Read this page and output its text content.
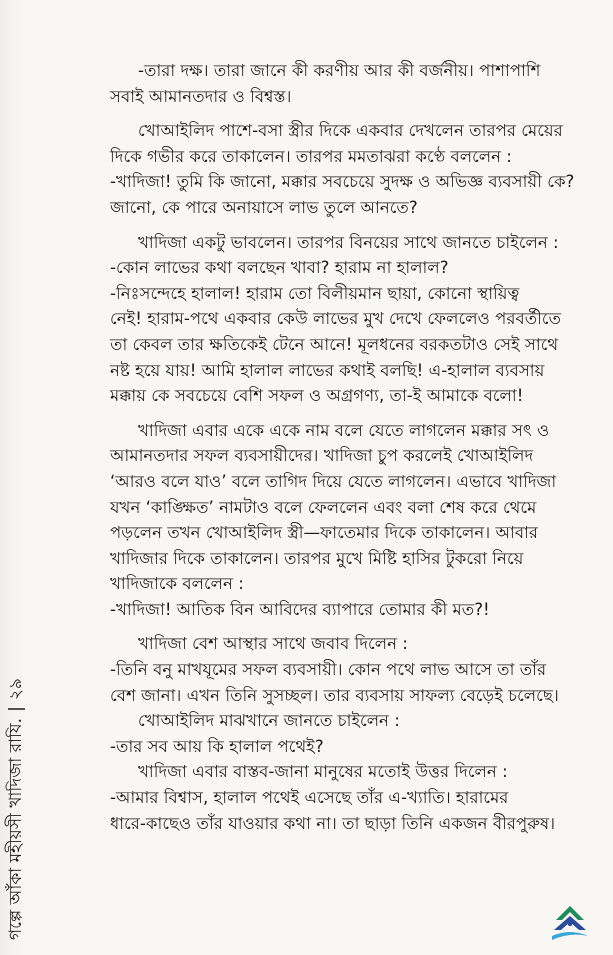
-তারা দক্ষ। তারা জানে কী করণীয় আর কী বর্জনীয়। পাশাপাশি
সবাই আমানতদার ও বিশ্বস্ত।

খোআইলিদ পাশে-বসা স্ত্রীর দিকে একবার দেখলেন তারপর মেয়ের
দিকে গভীর করে তাকালেন। তারপর মমতাঝরা কণ্ঠে বললেন :
-খাদিজা! তুমি কি জানো, মক্কার সবচেয়ে সুদক্ষ ও অভিজ্ঞ ব্যবসায়ী কে?
জানো, কে পারে অনায়াসে লাভ তুলে আনতে?

খাদিজা একটু ভাবলেন। তারপর বিনয়ের সাথে জানতে চাইলেন :
-কোন লাভের কথা বলছেন খাবা? হারাম না হালাল?
-নিঃসন্দেহে হালাল! হারাম তো বিলীয়মান ছায়া, কোনো স্থায়িত্ব
নেই! হারাম-পথে একবার কেউ লাভের মুখ দেখে ফেললেও পরবর্তীতে
তা কেবল তার ক্ষতিকেই টেনে আনে! মূলধনের বরকতটাও সেই সাথে
নষ্ট হয়ে যায়! আমি হালাল লাভের কথাই বলছি! এ-হালাল ব্যবসায়
মক্কায় কে সবচেয়ে বেশি সফল ও অগ্রগণ্য, তা-ই আমাকে বলো!

খাদিজা এবার একে একে নাম বলে যেতে লাগলেন মক্কার সৎ ও
আমানতদার সফল ব্যবসায়ীদের। খাদিজা চুপ করলেই খোআইলিদ
‘আরও বলে যাও’ বলে তাগিদ দিয়ে যেতে লাগলেন। এভাবে খাদিজা
যখন ‘কাঙ্ক্ষিত’ নামটাও বলে ফেললেন এবং বলা শেষ করে থেমে
পড়লেন তখন খোআইলিদ স্ত্রী—ফাতেমার দিকে তাকালেন। আবার
খাদিজার দিকে তাকালেন। তারপর মুখে মিষ্টি হাসির টুকরো নিয়ে
খাদিজাকে বললেন :
-খাদিজা! আতিক বিন আবিদের ব্যাপারে তোমার কী মত?!

খাদিজা বেশ আস্থার সাথে জবাব দিলেন :
-তিনি বনু মাখযূমের সফল ব্যবসায়ী। কোন পথে লাভ আসে তা তাঁর
বেশ জানা। এখন তিনি সুসচ্ছল। তার ব্যবসায় সাফল্য বেড়েই চলেছে।

খোআইলিদ মাঝখানে জানতে চাইলেন :
-তার সব আয় কি হালাল পথেই?

খাদিজা এবার বাস্তব-জানা মানুষের মতোই উত্তর দিলেন :
-আমার বিশ্বাস, হালাল পথেই এসেছে তাঁর এ-খ্যাতি। হারামের
ধারে-কাছেও তাঁর যাওয়ার কথা না। তা ছাড়া তিনি একজন বীরপুরুষ।

গল্পে আঁকা মহীয়সী খাদিজা রাযি.|২৯
